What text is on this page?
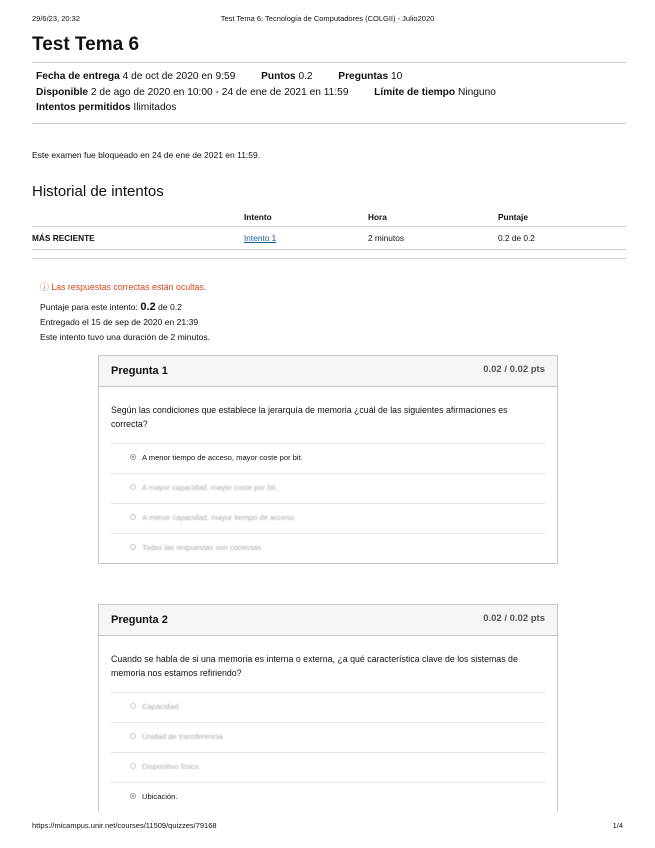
29/6/23, 20:32	Test Tema 6: Tecnología de Computadores (COLGII) - Julio2020
Test Tema 6
Fecha de entrega 4 de oct de 2020 en 9:59	Puntos 0.2	Preguntas 10
Disponible 2 de ago de 2020 en 10:00 - 24 de ene de 2021 en 11:59	Límite de tiempo Ninguno
Intentos permitidos Ilimitados
Este examen fue bloqueado en 24 de ene de 2021 en 11:59.
Historial de intentos
	Intento	Hora	Puntaje
MÁS RECIENTE	Intento 1	2 minutos	0.2 de 0.2
ⓘ Las respuestas correctas están ocultas.
Puntaje para este intento: 0.2 de 0.2
Entregado el 15 de sep de 2020 en 21:39
Este intento tuvo una duración de 2 minutos.
Pregunta 1	0.02 / 0.02 pts
Según las condiciones que establece la jerarquía de memoria ¿cuál de las siguientes afirmaciones es correcta?
A menor tiempo de acceso, mayor coste por bit.
A mayor capacidad, mayor coste por bit.
A menor capacidad, mayor tiempo de acceso.
Todas las respuestas son correctas.
Pregunta 2	0.02 / 0.02 pts
Cuando se habla de si una memoria es interna o externa, ¿a qué característica clave de los sistemas de memoria nos estamos refiriendo?
Capacidad.
Unidad de transferencia.
Dispositivo físico.
Ubicación.
https://micampus.unir.net/courses/11509/quizzes/79168	1/4
